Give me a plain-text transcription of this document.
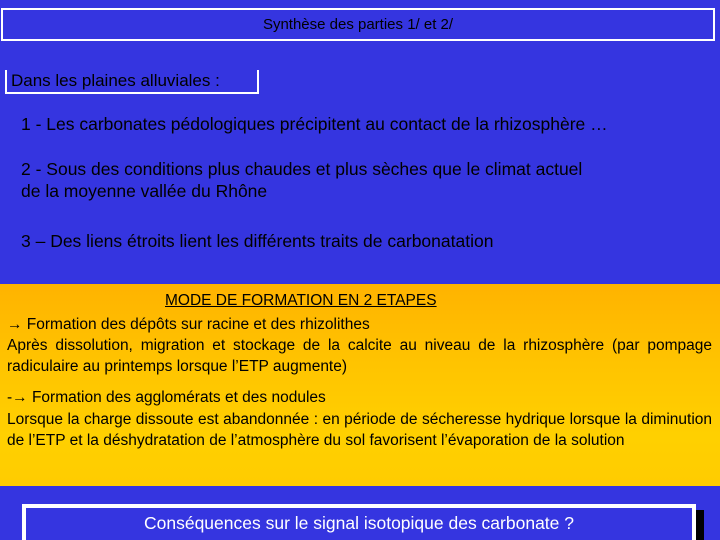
Synthèse des parties 1/ et 2/
Dans les plaines alluviales :
1 - Les carbonates pédologiques précipitent au contact de la rhizosphère …
2 - Sous des conditions plus chaudes et plus sèches que le climat actuel
de la moyenne vallée du Rhône
3 – Des liens étroits lient les différents traits de carbonatation
MODE DE FORMATION EN 2 ETAPES
→ Formation des dépôts sur racine et des rhizolithes
Après dissolution, migration et stockage de la calcite au niveau de la rhizosphère (par pompage radiculaire au printemps lorsque l’ETP augmente)
-→ Formation des agglomérats et des nodules
Lorsque la charge dissoute est abandonnée : en période de sécheresse hydrique lorsque la diminution de l’ETP et la déshydratation de l’atmosphère du sol favorisent l’évaporation de la solution
Conséquences sur le signal isotopique des carbonate ?
